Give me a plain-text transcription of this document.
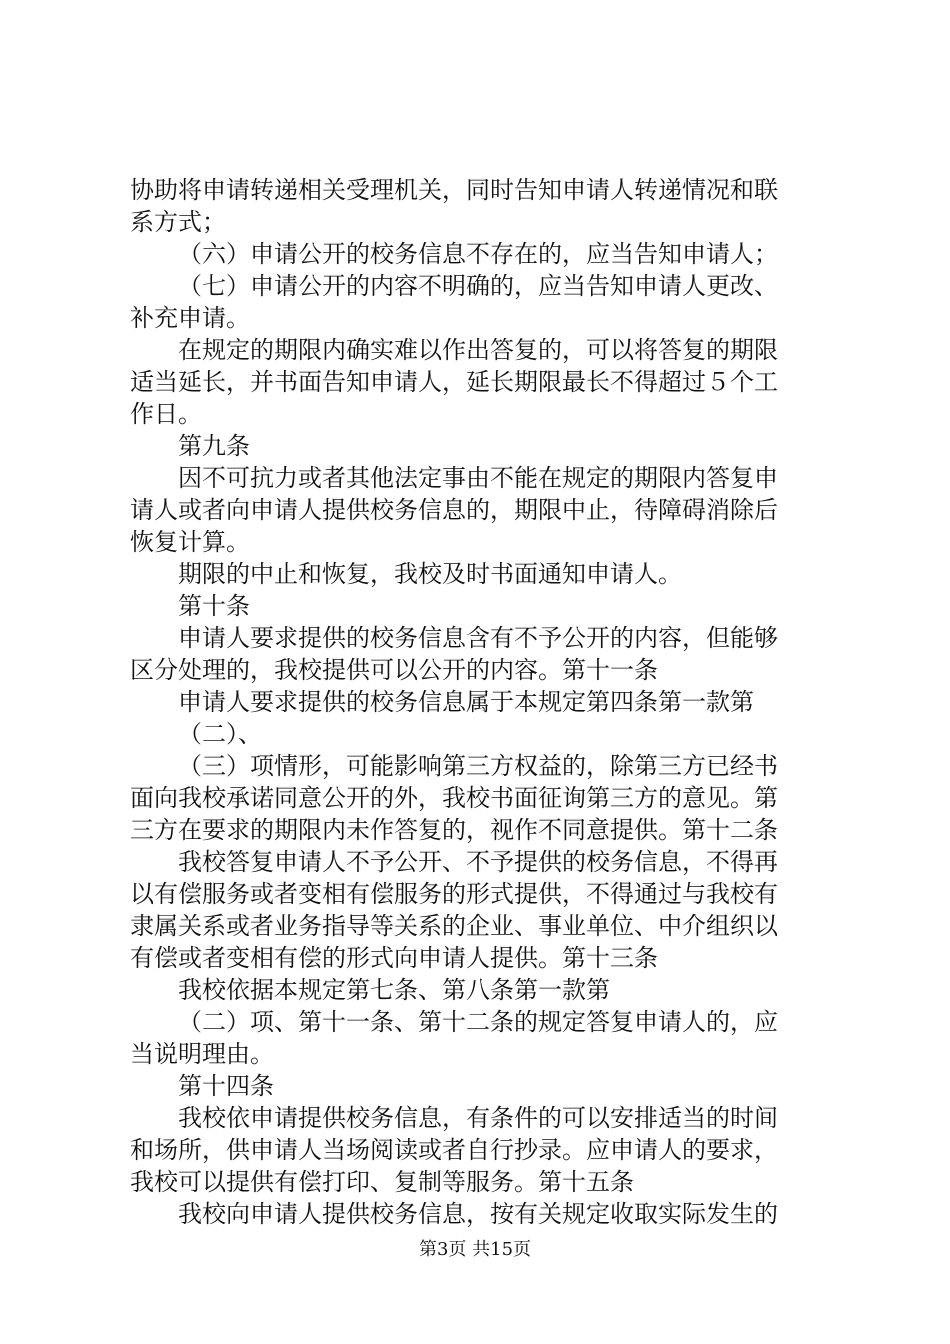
协助将申请转递相关受理机关，同时告知申请人转递情况和联
系方式；
（六）申请公开的校务信息不存在的，应当告知申请人；
（七）申请公开的内容不明确的，应当告知申请人更改、
补充申请。
在规定的期限内确实难以作出答复的，可以将答复的期限
适当延长，并书面告知申请人，延长期限最长不得超过５个工
作日。
第九条
因不可抗力或者其他法定事由不能在规定的期限内答复申
请人或者向申请人提供校务信息的，期限中止，待障碍消除后
恢复计算。
期限的中止和恢复，我校及时书面通知申请人。
第十条
申请人要求提供的校务信息含有不予公开的内容，但能够
区分处理的，我校提供可以公开的内容。第十一条
申请人要求提供的校务信息属于本规定第四条第一款第
（二）、
（三）项情形，可能影响第三方权益的，除第三方已经书
面向我校承诺同意公开的外，我校书面征询第三方的意见。第
三方在要求的期限内未作答复的，视作不同意提供。第十二条
我校答复申请人不予公开、不予提供的校务信息，不得再
以有偿服务或者变相有偿服务的形式提供，不得通过与我校有
隶属关系或者业务指导等关系的企业、事业单位、中介组织以
有偿或者变相有偿的形式向申请人提供。第十三条
我校依据本规定第七条、第八条第一款第
（二）项、第十一条、第十二条的规定答复申请人的，应
当说明理由。
第十四条
我校依申请提供校务信息，有条件的可以安排适当的时间
和场所，供申请人当场阅读或者自行抄录。应申请人的要求，
我校可以提供有偿打印、复制等服务。第十五条
我校向申请人提供校务信息，按有关规定收取实际发生的
第3页 共15页
